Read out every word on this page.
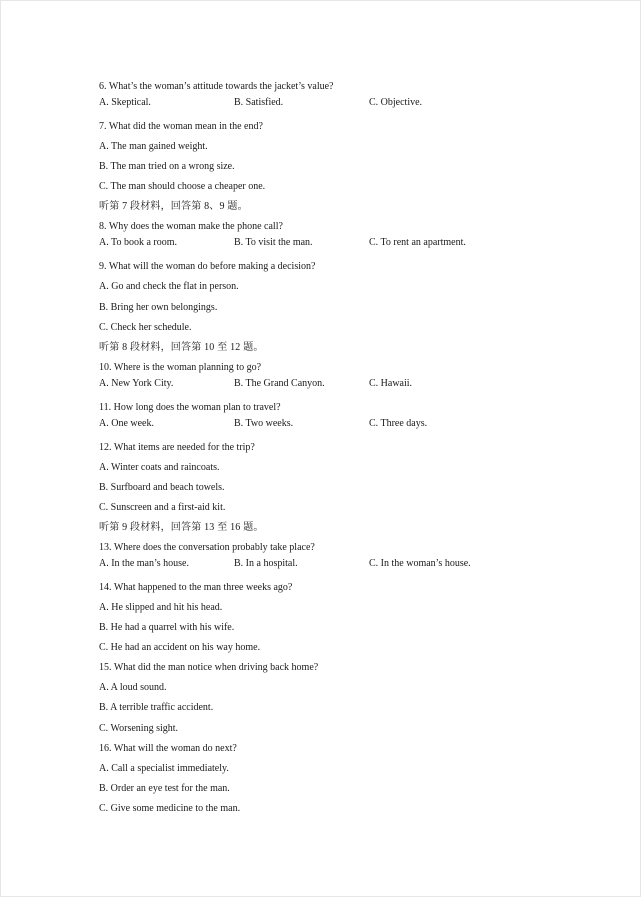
6. What’s the woman’s attitude towards the jacket’s value?
A. Skeptical.	B. Satisfied.	C. Objective.
7. What did the woman mean in the end?
A. The man gained weight.
B. The man tried on a wrong size.
C. The man should choose a cheaper one.
听第 7 段材料，回答第 8、9 题。
8. Why does the woman make the phone call?
A. To book a room.	B. To visit the man.	C. To rent an apartment.
9. What will the woman do before making a decision?
A. Go and check the flat in person.
B. Bring her own belongings.
C. Check her schedule.
听第 8 段材料，回答第 10 至 12 题。
10. Where is the woman planning to go?
A. New York City.	B. The Grand Canyon.	C. Hawaii.
11. How long does the woman plan to travel?
A. One week.	B. Two weeks.	C. Three days.
12. What items are needed for the trip?
A. Winter coats and raincoats.
B. Surfboard and beach towels.
C. Sunscreen and a first-aid kit.
听第 9 段材料，回答第 13 至 16 题。
13. Where does the conversation probably take place?
A. In the man’s house.	B. In a hospital.	C. In the woman’s house.
14. What happened to the man three weeks ago?
A. He slipped and hit his head.
B. He had a quarrel with his wife.
C. He had an accident on his way home.
15. What did the man notice when driving back home?
A. A loud sound.
B. A terrible traffic accident.
C. Worsening sight.
16. What will the woman do next?
A. Call a specialist immediately.
B. Order an eye test for the man.
C. Give some medicine to the man.
